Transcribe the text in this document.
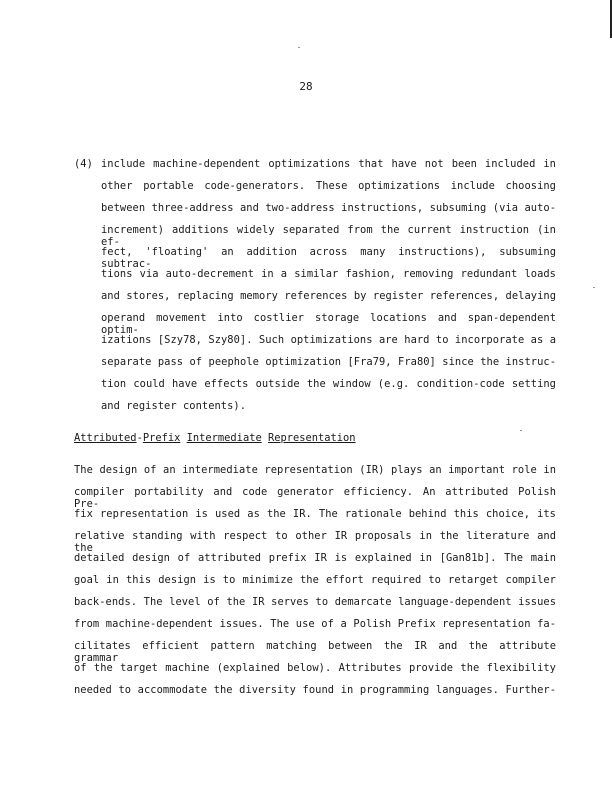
28
(4) include machine-dependent optimizations that have not been included in
other portable code-generators. These optimizations include choosing
between three-address and two-address instructions, subsuming (via auto-
increment) additions widely separated from the current instruction (in ef-
fect, 'floating' an addition across many instructions), subsuming subtrac-
tions via auto-decrement in a similar fashion, removing redundant loads
and stores, replacing memory references by register references, delaying
operand movement into costlier storage locations and span-dependent optim-
izations [Szy78, Szy80]. Such optimizations are hard to incorporate as a
separate pass of peephole optimization [Fra79, Fra80] since the instruc-
tion could have effects outside the window (e.g. condition-code setting
and register contents).
Attributed-Prefix Intermediate Representation
The design of an intermediate representation (IR) plays an important role in
compiler portability and code generator efficiency. An attributed Polish Pre-
fix representation is used as the IR. The rationale behind this choice, its
relative standing with respect to other IR proposals in the literature and the
detailed design of attributed prefix IR is explained in [Gan81b]. The main
goal in this design is to minimize the effort required to retarget compiler
back-ends. The level of the IR serves to demarcate language-dependent issues
from machine-dependent issues. The use of a Polish Prefix representation fa-
cilitates efficient pattern matching between the IR and the attribute grammar
of the target machine (explained below). Attributes provide the flexibility
needed to accommodate the diversity found in programming languages. Further-
